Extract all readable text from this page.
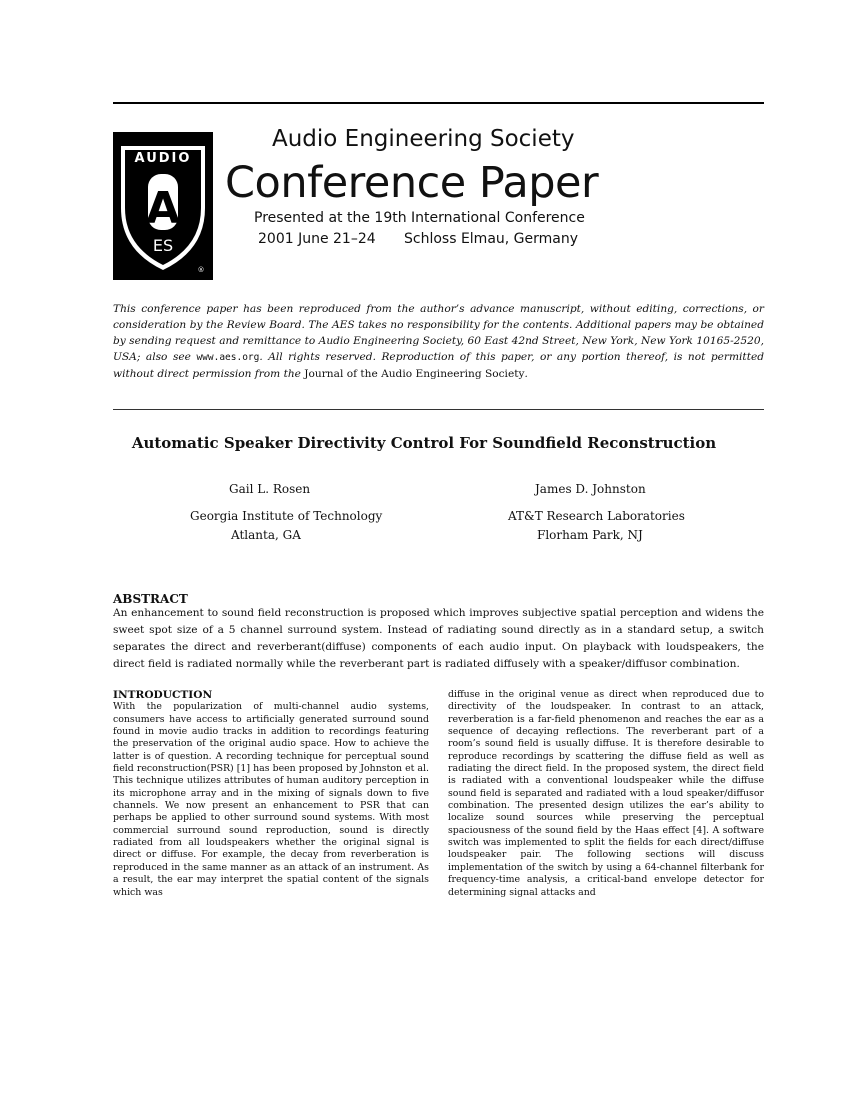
AUDIO
A
ES
®
Audio Engineering Society
Conference Paper
Presented at the 19th International Conference
2001 June 21–24 Schloss Elmau, Germany
This conference paper has been reproduced from the author’s advance manuscript, without editing, corrections, or consideration by the Review Board. The AES takes no responsibility for the contents. Additional papers may be obtained by sending request and remittance to Audio Engineering Society, 60 East 42nd Street, New York, New York 10165-2520, USA; also see www.aes.org. All rights reserved. Reproduction of this paper, or any portion thereof, is not permitted without direct permission from the Journal of the Audio Engineering Society.
Automatic Speaker Directivity Control For Soundfield Reconstruction
Gail L. Rosen
Georgia Institute of Technology
Atlanta, GA
James D. Johnston
AT&T Research Laboratories
Florham Park, NJ
ABSTRACT
An enhancement to sound field reconstruction is proposed which improves subjective spatial perception and widens the sweet spot size of a 5 channel surround system. Instead of radiating sound directly as in a standard setup, a switch separates the direct and reverberant(diffuse) components of each audio input. On playback with loudspeakers, the direct field is radiated normally while the reverberant part is radiated diffusely with a speaker/diffusor combination.
INTRODUCTION
With the popularization of multi-channel audio systems, consumers have access to artificially generated surround sound found in movie audio tracks in addition to recordings featuring the preservation of the original audio space. How to achieve the latter is of question. A recording technique for perceptual sound field reconstruction(PSR) [1] has been proposed by Johnston et al. This technique utilizes attributes of human auditory perception in its microphone array and in the mixing of signals down to five channels. We now present an enhancement to PSR that can perhaps be applied to other surround sound systems. With most commercial surround sound reproduction, sound is directly radiated from all loudspeakers whether the original signal is direct or diffuse. For example, the decay from reverberation is reproduced in the same manner as an attack of an instrument. As a result, the ear may interpret the spatial content of the signals which was
diffuse in the original venue as direct when reproduced due to directivity of the loudspeaker. In contrast to an attack, reverberation is a far-field phenomenon and reaches the ear as a sequence of decaying reflections. The reverberant part of a room’s sound field is usually diffuse. It is therefore desirable to reproduce recordings by scattering the diffuse field as well as radiating the direct field. In the proposed system, the direct field is radiated with a conventional loudspeaker while the diffuse sound field is separated and radiated with a loud speaker/diffusor combination. The presented design utilizes the ear’s ability to localize sound sources while preserving the perceptual spaciousness of the sound field by the Haas effect [4]. A software switch was implemented to split the fields for each direct/diffuse loudspeaker pair. The following sections will discuss implementation of the switch by using a 64-channel filterbank for frequency-time analysis, a critical-band envelope detector for determining signal attacks and
